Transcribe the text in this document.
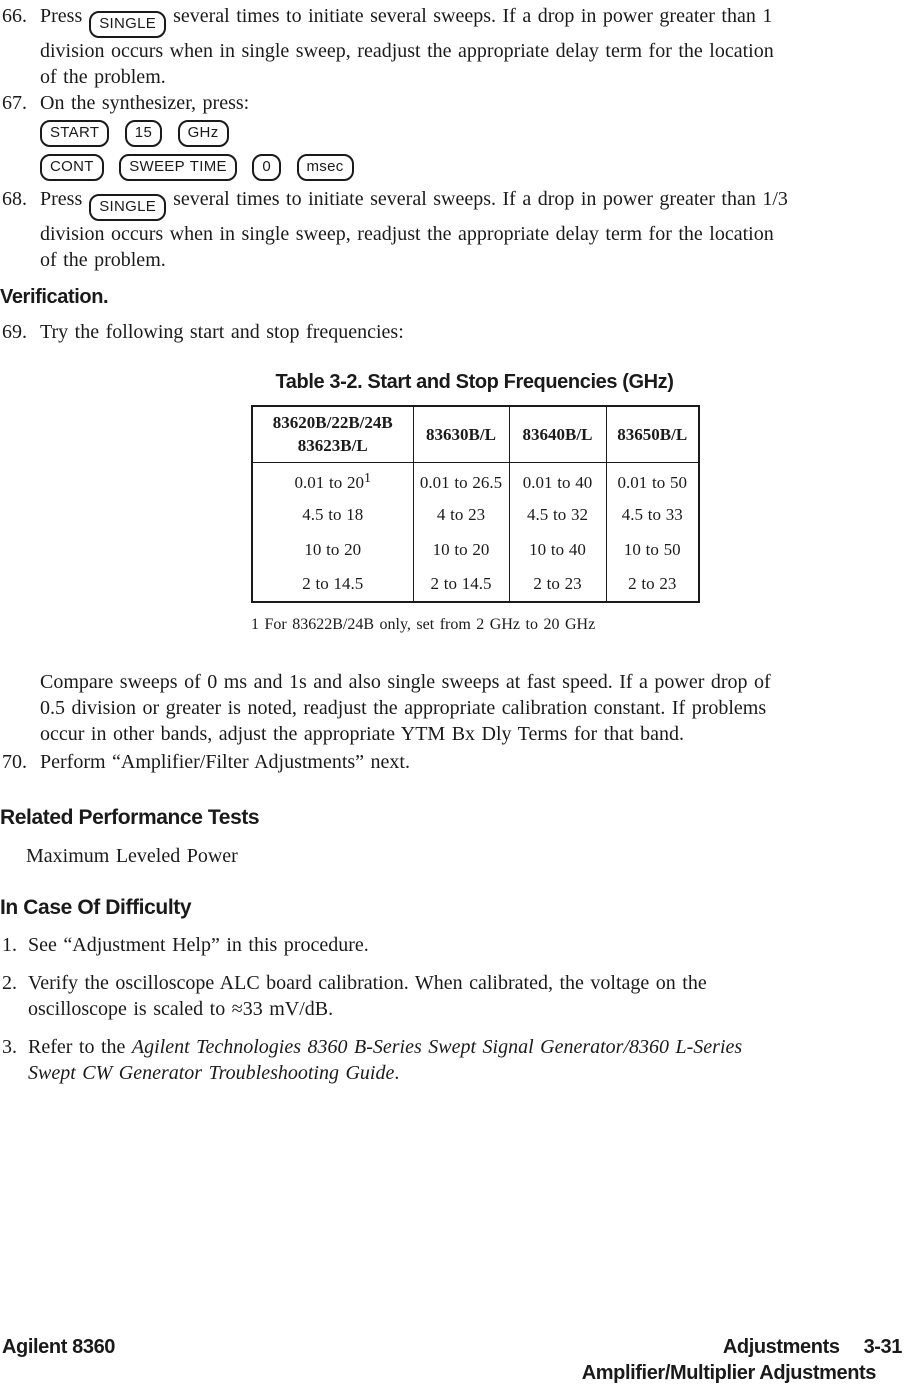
66. Press SINGLE several times to initiate several sweeps. If a drop in power greater than 1
division occurs when in single sweep, readjust the appropriate delay term for the location
of the problem.
67. On the synthesizer, press:
START 15 GHz
CONT SWEEP TIME 0 msec
68. Press SINGLE several times to initiate several sweeps. If a drop in power greater than 1/3
division occurs when in single sweep, readjust the appropriate delay term for the location
of the problem.
Verification.
69. Try the following start and stop frequencies:
Table 3-2. Start and Stop Frequencies (GHz)
83620B/22B/24B
83623B/L	83630B/L	83640B/L	83650B/L
0.01 to $20^1$	0.01 to 26.5	0.01 to 40	0.01 to 50
4.5 to 18	4 to 23	4.5 to 32	4.5 to 33
10 to 20	10 to 20	10 to 40	10 to 50
2 to 14.5	2 to 14.5	2 to 23	2 to 23
1 For 83622B/24B only, set from 2 GHz to 20 GHz
Compare sweeps of 0 ms and 1s and also single sweeps at fast speed. If a power drop of
0.5 division or greater is noted, readjust the appropriate calibration constant. If problems
occur in other bands, adjust the appropriate YTM Bx Dly Terms for that band.
70. Perform “Amplifier/Filter Adjustments” next.
Related Performance Tests
Maximum Leveled Power
In Case Of Difficulty
1. See “Adjustment Help” in this procedure.
2. Verify the oscilloscope ALC board calibration. When calibrated, the voltage on the
oscilloscope is scaled to ≈33 mV/dB.
3. Refer to the Agilent Technologies 8360 B-Series Swept Signal Generator/8360 L-Series
Swept CW Generator Troubleshooting Guide.
Agilent 8360	Adjustments 3-31
Amplifier/Multiplier Adjustments
